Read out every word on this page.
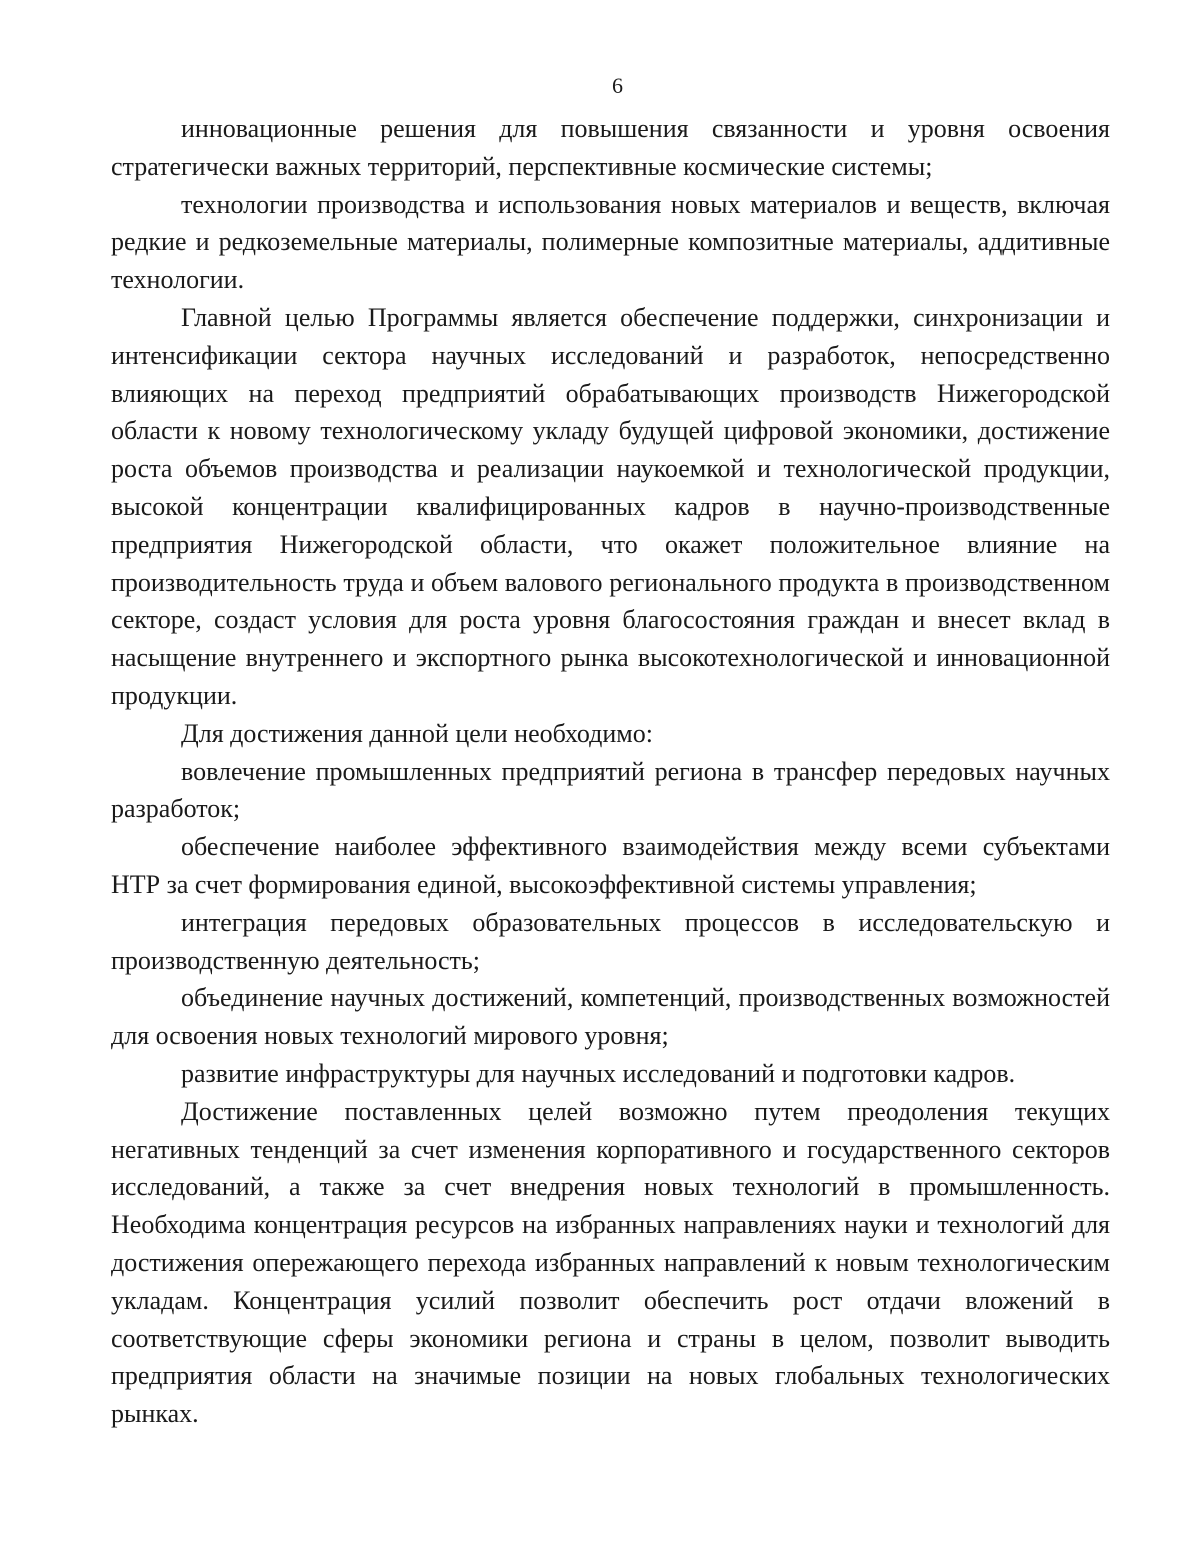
6

инновационные решения для повышения связанности и уровня освоения стратегически важных территорий, перспективные космические системы;

технологии производства и использования новых материалов и веществ, включая редкие и редкоземельные материалы, полимерные композитные материалы, аддитивные технологии.

Главной целью Программы является обеспечение поддержки, синхронизации и интенсификации сектора научных исследований и разработок, непосредственно влияющих на переход предприятий обрабатывающих производств Нижегородской области к новому технологическому укладу будущей цифровой экономики, достижение роста объемов производства и реализации наукоемкой и технологической продукции, высокой концентрации квалифицированных кадров в научно-производственные предприятия Нижегородской области, что окажет положительное влияние на производительность труда и объем валового регионального продукта в производственном секторе, создаст условия для роста уровня благосостояния граждан и внесет вклад в насыщение внутреннего и экспортного рынка высокотехнологической и инновационной продукции.

Для достижения данной цели необходимо:

вовлечение промышленных предприятий региона в трансфер передовых научных разработок;

обеспечение наиболее эффективного взаимодействия между всеми субъектами НТР за счет формирования единой, высокоэффективной системы управления;

интеграция передовых образовательных процессов в исследовательскую и производственную деятельность;

объединение научных достижений, компетенций, производственных возможностей для освоения новых технологий мирового уровня;

развитие инфраструктуры для научных исследований и подготовки кадров.

Достижение поставленных целей возможно путем преодоления текущих негативных тенденций за счет изменения корпоративного и государственного секторов исследований, а также за счет внедрения новых технологий в промышленность. Необходима концентрация ресурсов на избранных направлениях науки и технологий для достижения опережающего перехода избранных направлений к новым технологическим укладам. Концентрация усилий позволит обеспечить рост отдачи вложений в соответствующие сферы экономики региона и страны в целом, позволит выводить предприятия области на значимые позиции на новых глобальных технологических рынках.
